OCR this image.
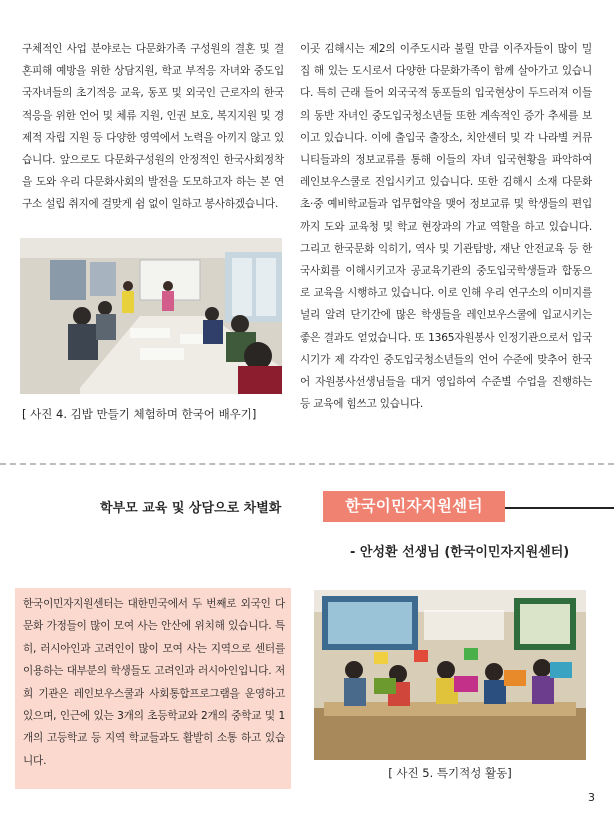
구체적인 사업 분야로는 다문화가족 구성원의 결혼 및 결혼피해 예방을 위한 상담지원, 학교 부적응 자녀와 중도입국자녀들의 초기적응 교육, 동포 및 외국인 근로자의 한국적응을 위한 언어 및 체류 지원, 인권 보호, 복지지원 및 경제적 자립 지원 등 다양한 영역에서 노력을 아끼지 않고 있습니다. 앞으로도 다문화구성원의 안정적인 한국사회정착을 도와 우리 다문화사회의 발전을 도모하고자 하는 본 연구소 설립 취지에 걸맞게 쉼 없이 일하고 봉사하겠습니다.

이곳 김해시는 제2의 이주도시라 불릴 만큼 이주자들이 많이 밀집 해 있는 도시로서 다양한 다문화가족이 함께 살아가고 있습니다. 특히 근래 들어 외국국적 동포들의 입국현상이 두드러져 이들의 동반 자녀인 중도입국청소년들 또한 계속적인 증가 추세를 보이고 있습니다. 이에 출입국 출장소, 치안센터 및 각 나라별 커뮤니티들과의 정보교류를 통해 이들의 자녀 입국현황을 파악하여 레인보우스쿨로 진입시키고 있습니다. 또한 김해시 소재 다문화 초·중 예비학교들과 업무협약을 맺어 정보교류 및 학생들의 편입까지 도와 교육청 및 학교 현장과의 가교 역할을 하고 있습니다. 그리고 한국문화 익히기, 역사 및 기관탐방, 재난 안전교육 등 한국사회를 이해시키고자 공교육기관의 중도입국학생들과 합동으로 교육을 시행하고 있습니다. 이로 인해 우리 연구소의 이미지를 널리 알려 단기간에 많은 학생들을 레인보우스쿨에 입교시키는 좋은 결과도 얻었습니다. 또 1365자원봉사 인정기관으로서 입국시기가 제 각각인 중도입국청소년들의 언어 수준에 맞추어 한국어 자원봉사선생님들을 대거 영입하여 수준별 수업을 진행하는 등 교육에 힘쓰고 있습니다.

[ 사진 4. 김밥 만들기 체험하며 한국어 배우기]
학부모 교육 및 상담으로 차별화	한국이민자지원센터
- 안성환 선생님 (한국이민자지원센터)
한국이민자지원센터는 대한민국에서 두 번째로 외국인 다문화 가정들이 많이 모여 사는 안산에 위치해 있습니다. 특히, 러시아인과 고려인이 많이 모여 사는 지역으로 센터를 이용하는 대부분의 학생들도 고려인과 러시아인입니다. 저희 기관은 레인보우스쿨과 사회통합프로그램을 운영하고 있으며, 인근에 있는 3개의 초등학교와 2개의 중학교 및 1개의 고등학교 등 지역 학교들과도 활발히 소통 하고 있습니다.
[ 사진 5. 특기적성 활동]
3
